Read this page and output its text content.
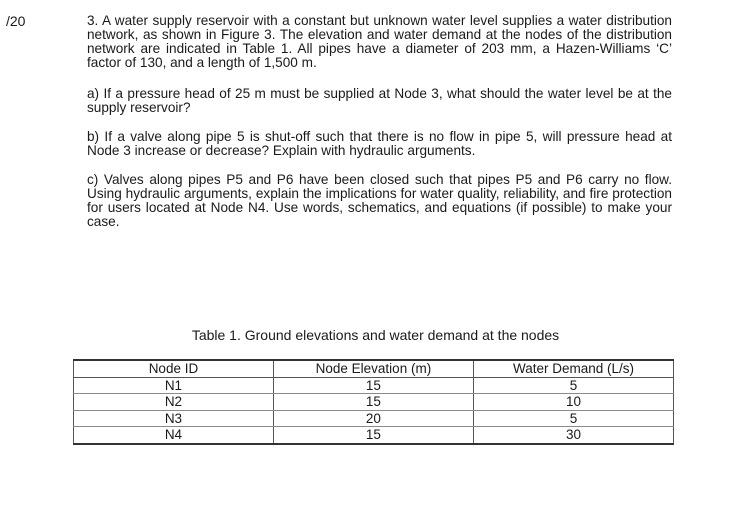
/20	3. A water supply reservoir with a constant but unknown water level supplies a water distribution network, as shown in Figure 3. The elevation and water demand at the nodes of the distribution network are indicated in Table 1. All pipes have a diameter of 203 mm, a Hazen-Williams ‘C’ factor of 130, and a length of 1,500 m.

a) If a pressure head of 25 m must be supplied at Node 3, what should the water level be at the supply reservoir?

b) If a valve along pipe 5 is shut-off such that there is no flow in pipe 5, will pressure head at Node 3 increase or decrease? Explain with hydraulic arguments.

c) Valves along pipes P5 and P6 have been closed such that pipes P5 and P6 carry no flow. Using hydraulic arguments, explain the implications for water quality, reliability, and fire protection for users located at Node N4. Use words, schematics, and equations (if possible) to make your case.

Table 1. Ground elevations and water demand at the nodes
Node ID	Node Elevation (m)	Water Demand (L/s)
N1	15	5
N2	15	10
N3	20	5
N4	15	30
